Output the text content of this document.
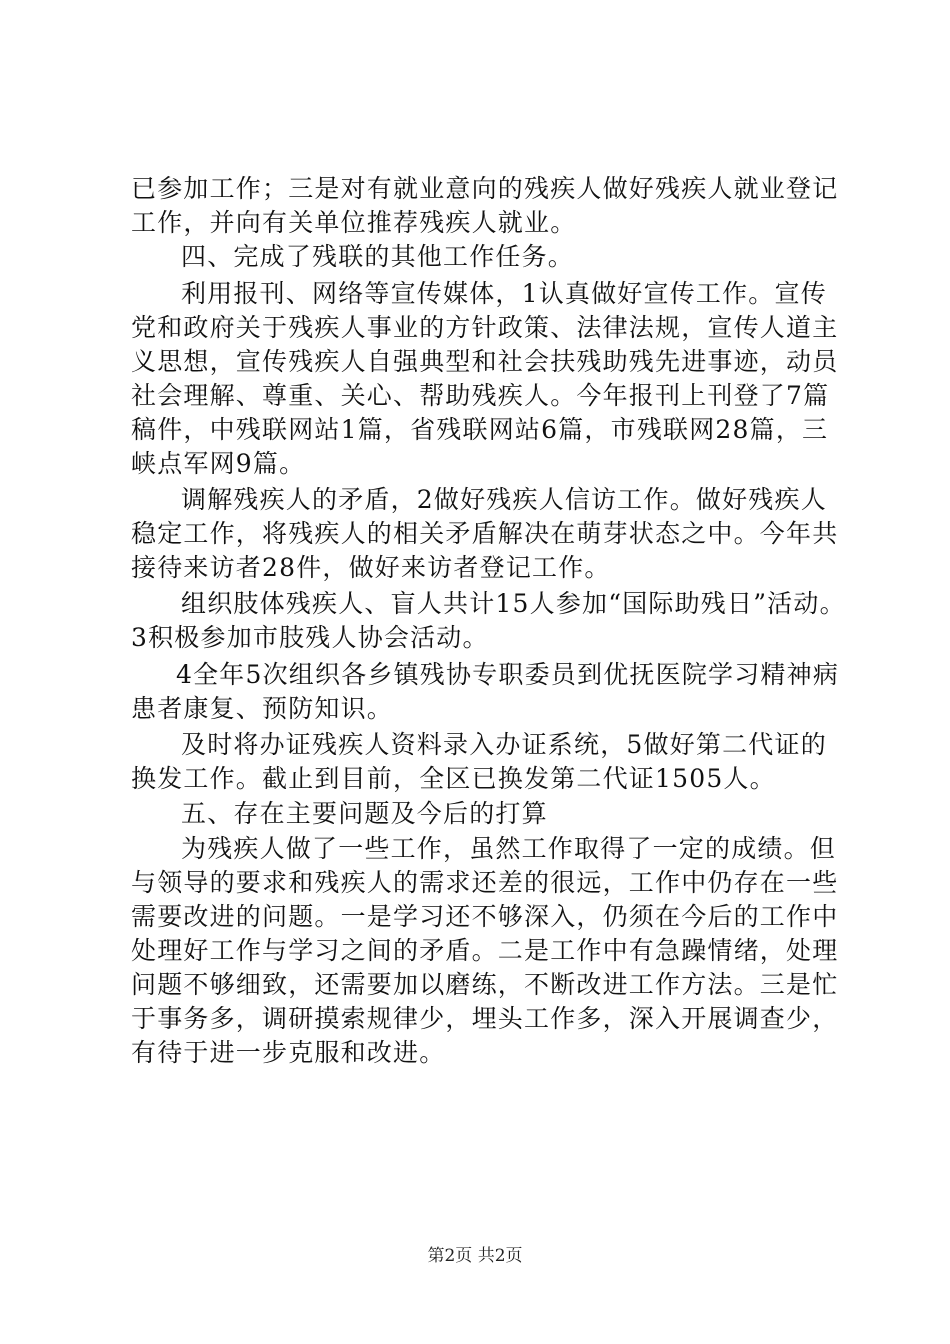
已参加工作；三是对有就业意向的残疾人做好残疾人就业登记
工作，并向有关单位推荐残疾人就业。
四、完成了残联的其他工作任务。
利用报刊、网络等宣传媒体，1认真做好宣传工作。宣传
党和政府关于残疾人事业的方针政策、法律法规，宣传人道主
义思想，宣传残疾人自强典型和社会扶残助残先进事迹，动员
社会理解、尊重、关心、帮助残疾人。今年报刊上刊登了7篇
稿件，中残联网站1篇，省残联网站6篇，市残联网28篇，三
峡点军网9篇。
调解残疾人的矛盾，2做好残疾人信访工作。做好残疾人
稳定工作，将残疾人的相关矛盾解决在萌芽状态之中。今年共
接待来访者28件，做好来访者登记工作。
组织肢体残疾人、盲人共计15人参加“国际助残日”活动。
3积极参加市肢残人协会活动。
4全年5次组织各乡镇残协专职委员到优抚医院学习精神病
患者康复、预防知识。
及时将办证残疾人资料录入办证系统，5做好第二代证的
换发工作。截止到目前，全区已换发第二代证1505人。
五、存在主要问题及今后的打算
为残疾人做了一些工作，虽然工作取得了一定的成绩。但
与领导的要求和残疾人的需求还差的很远，工作中仍存在一些
需要改进的问题。一是学习还不够深入，仍须在今后的工作中
处理好工作与学习之间的矛盾。二是工作中有急躁情绪，处理
问题不够细致，还需要加以磨练，不断改进工作方法。三是忙
于事务多，调研摸索规律少，埋头工作多，深入开展调查少，
有待于进一步克服和改进。
第2页 共2页
